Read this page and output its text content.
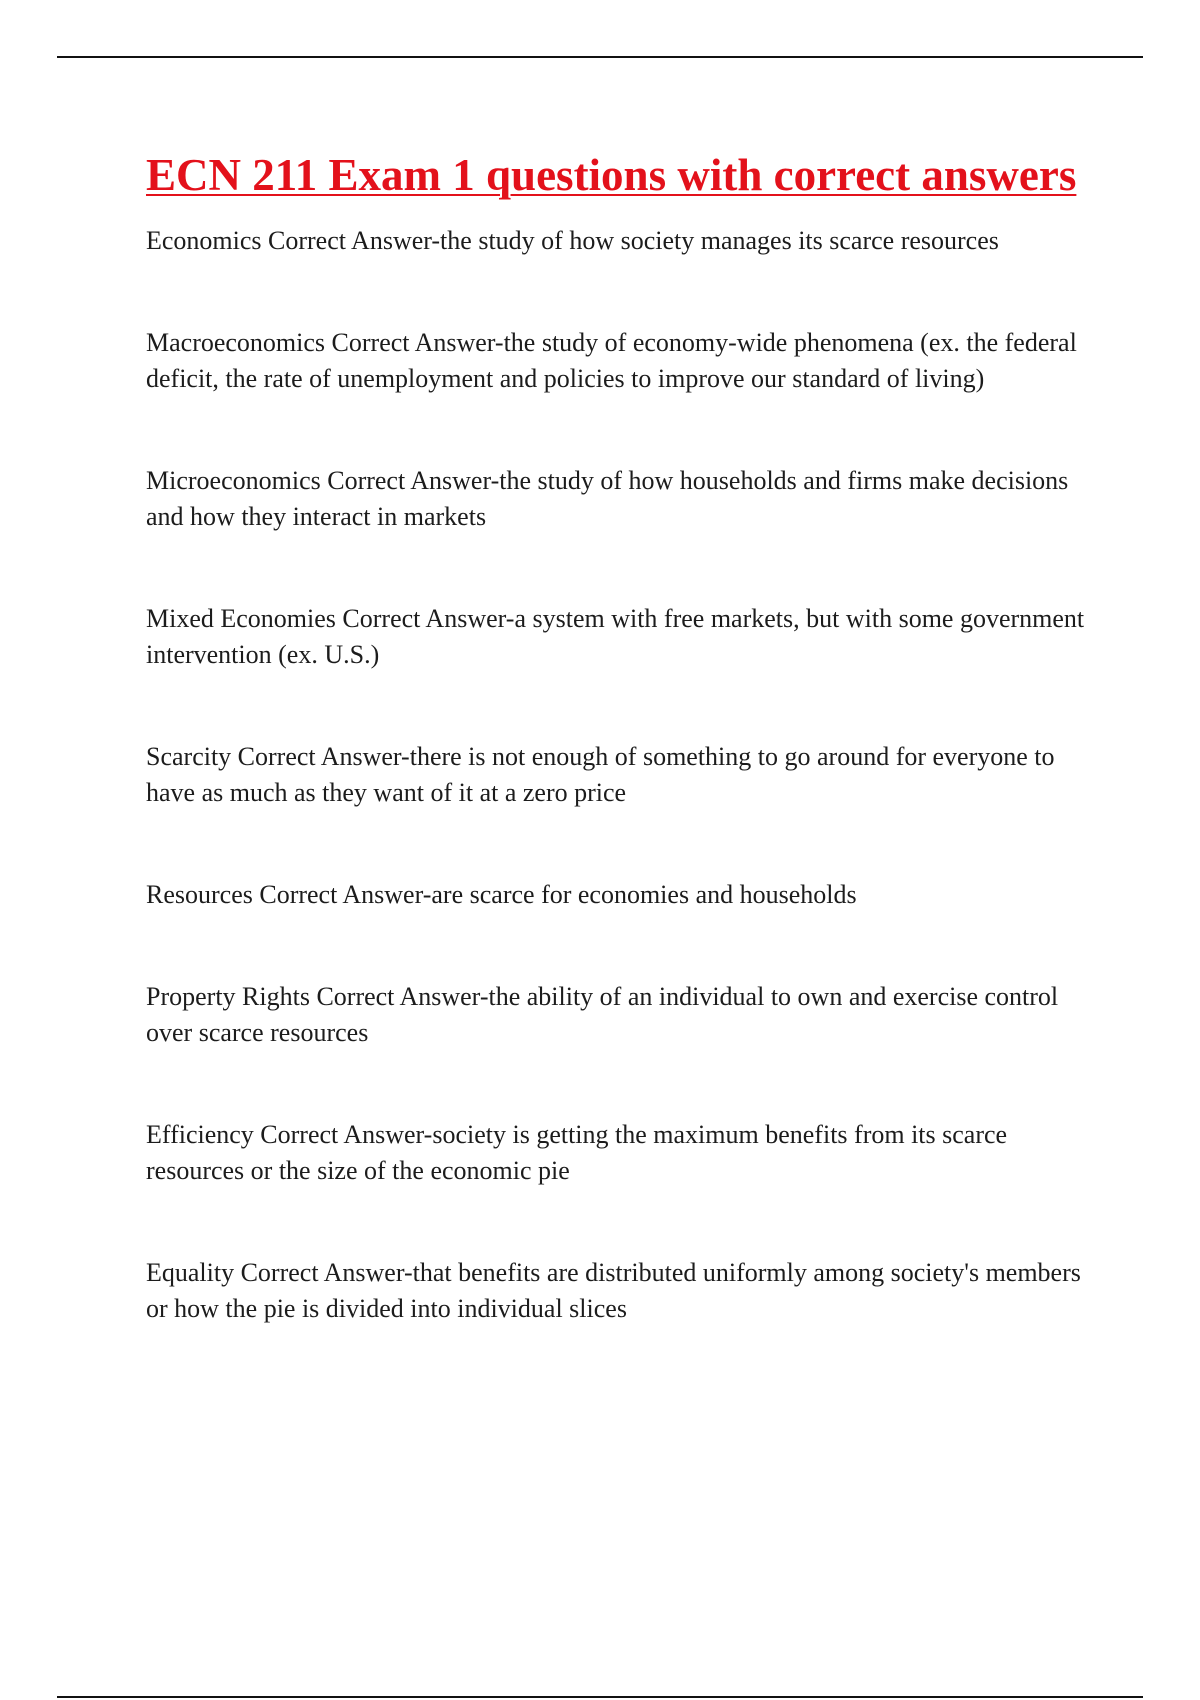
ECN 211 Exam 1 questions with correct answers
Economics Correct Answer-the study of how society manages its scarce resources
Macroeconomics Correct Answer-the study of economy-wide phenomena (ex. the federal deficit, the rate of unemployment and policies to improve our standard of living)
Microeconomics Correct Answer-the study of how households and firms make decisions and how they interact in markets
Mixed Economies Correct Answer-a system with free markets, but with some government intervention (ex. U.S.)
Scarcity Correct Answer-there is not enough of something to go around for everyone to have as much as they want of it at a zero price
Resources Correct Answer-are scarce for economies and households
Property Rights Correct Answer-the ability of an individual to own and exercise control over scarce resources
Efficiency Correct Answer-society is getting the maximum benefits from its scarce resources or the size of the economic pie
Equality Correct Answer-that benefits are distributed uniformly among society's members or how the pie is divided into individual slices
